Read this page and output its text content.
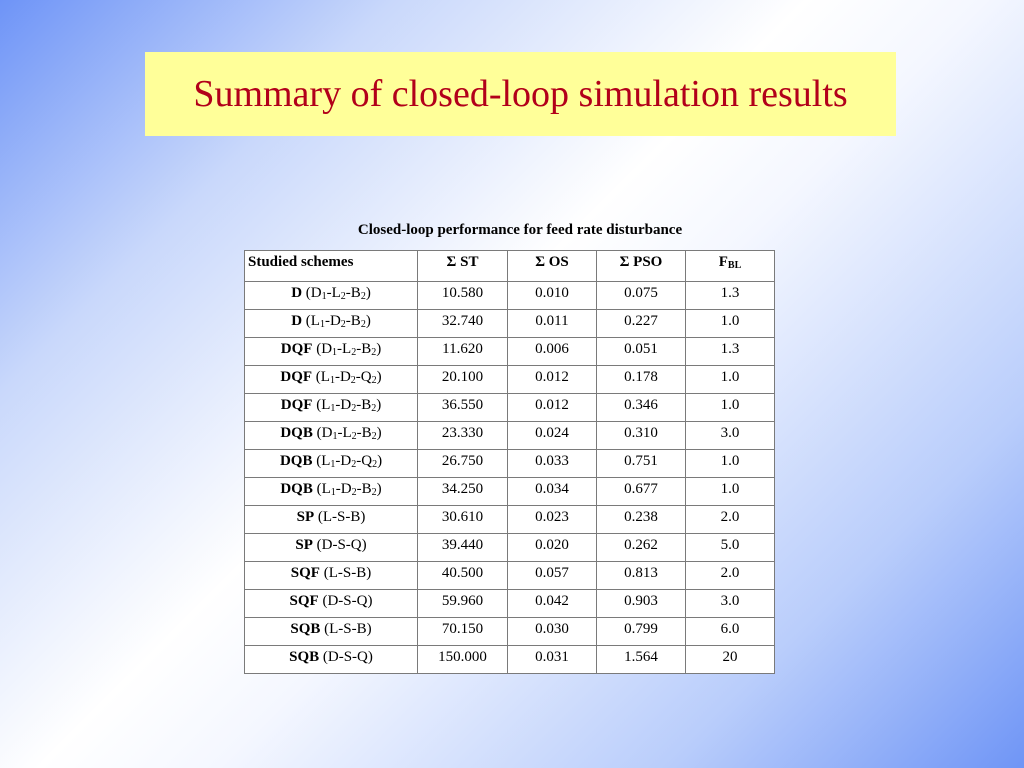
Summary of closed-loop simulation results
Closed-loop performance for feed rate disturbance
Studied schemes	Σ ST	Σ OS	Σ PSO	$F_{BL}$
D $(D_1-L_2-B_2)$	10.580	0.010	0.075	1.3
D $(L_1-D_2-B_2)$	32.740	0.011	0.227	1.0
DQF $(D_1-L_2-B_2)$	11.620	0.006	0.051	1.3
DQF $(L_1-D_2-Q_2)$	20.100	0.012	0.178	1.0
DQF $(L_1-D_2-B_2)$	36.550	0.012	0.346	1.0
DQB $(D_1-L_2-B_2)$	23.330	0.024	0.310	3.0
DQB $(L_1-D_2-Q_2)$	26.750	0.033	0.751	1.0
DQB $(L_1-D_2-B_2)$	34.250	0.034	0.677	1.0
SP (L-S-B)	30.610	0.023	0.238	2.0
SP (D-S-Q)	39.440	0.020	0.262	5.0
SQF (L-S-B)	40.500	0.057	0.813	2.0
SQF (D-S-Q)	59.960	0.042	0.903	3.0
SQB (L-S-B)	70.150	0.030	0.799	6.0
SQB (D-S-Q)	150.000	0.031	1.564	20
